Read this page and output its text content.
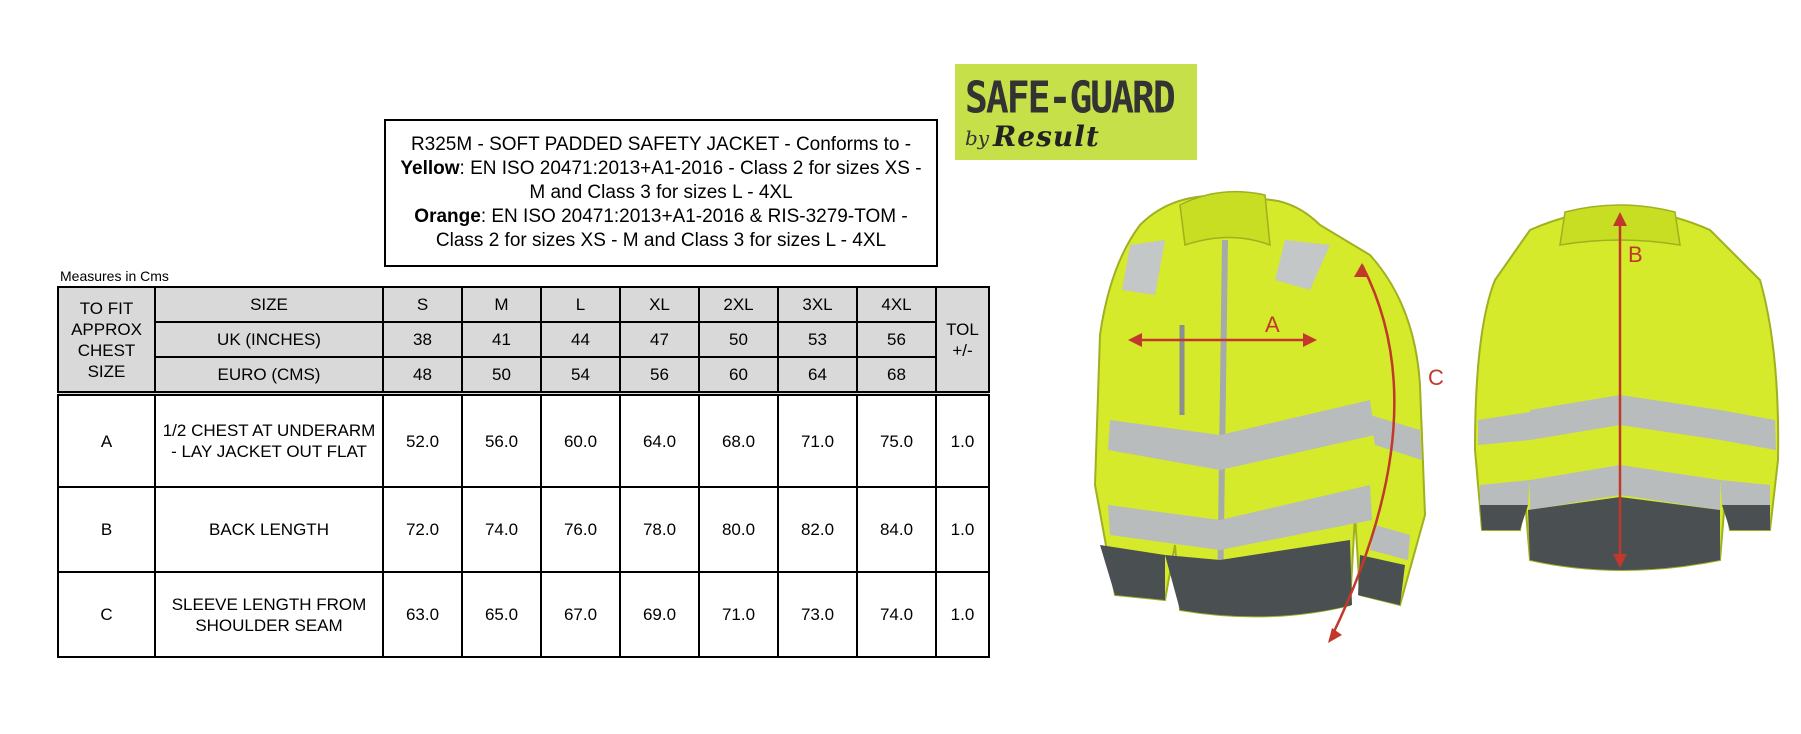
R325M - SOFT PADDED SAFETY JACKET - Conforms to -
Yellow: EN ISO 20471:2013+A1-2016 - Class 2 for sizes XS -
M and Class 3 for sizes L - 4XL
Orange: EN ISO 20471:2013+A1-2016 & RIS-3279-TOM -
Class 2 for sizes XS - M and Class 3 for sizes L - 4XL
Measures in Cms
TO FIT APPROX CHEST SIZE	SIZE	S	M	L	XL	2XL	3XL	4XL	TOL +/-
	UK (INCHES)	38	41	44	47	50	53	56	
	EURO (CMS)	48	50	54	56	60	64	68	
A	1/2 CHEST AT UNDERARM - LAY JACKET OUT FLAT	52.0	56.0	60.0	64.0	68.0	71.0	75.0	1.0
B	BACK LENGTH	72.0	74.0	76.0	78.0	80.0	82.0	84.0	1.0
C	SLEEVE LENGTH FROM SHOULDER SEAM	63.0	65.0	67.0	69.0	71.0	73.0	74.0	1.0
SAFE-GUARD
by Result
A
C
B
